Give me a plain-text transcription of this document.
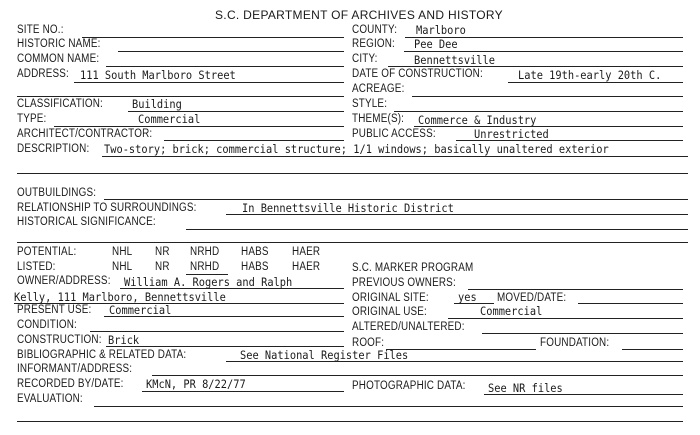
S.C. DEPARTMENT OF ARCHIVES AND HISTORY
SITE NO.:
HISTORIC NAME:
COMMON NAME:
ADDRESS: 111 South Marlboro Street
COUNTY: Marlboro
REGION: Pee Dee
CITY:	Bennettsville
DATE OF CONSTRUCTION:	Late 19th-early 20th C.
ACREAGE:
CLASSIFICATION:	Building	STYLE:
TYPE:	Commercial	THEME(S): Commerce & Industry
ARCHITECT/CONTRACTOR:	PUBLIC ACCESS:	Unrestricted
DESCRIPTION: Two-story; brick; commercial structure; 1/1 windows; basically unaltered exterior
OUTBUILDINGS:
RELATIONSHIP TO SURROUNDINGS:	In Bennettsville Historic District
HISTORICAL SIGNIFICANCE:
POTENTIAL:	NHL NR NRHD HABS HAER
LISTED:	NHL NR NRHD HABS HAER	S.C. MARKER PROGRAM
OWNER/ADDRESS: William A. Rogers and Ralph	PREVIOUS OWNERS:
Kelly, 111 Marlboro, Bennettsville	ORIGINAL SITE:	yes MOVED/DATE:
PRESENT USE: Commercial	ORIGINAL USE:	Commercial
CONDITION:	ALTERED/UNALTERED:
CONSTRUCTION: Brick	ROOF:	FOUNDATION:
BIBLIOGRAPHIC & RELATED DATA:	See National Register Files
INFORMANT/ADDRESS:
RECORDED BY/DATE: KMcN, PR 8/22/77	PHOTOGRAPHIC DATA: See NR files
EVALUATION:
